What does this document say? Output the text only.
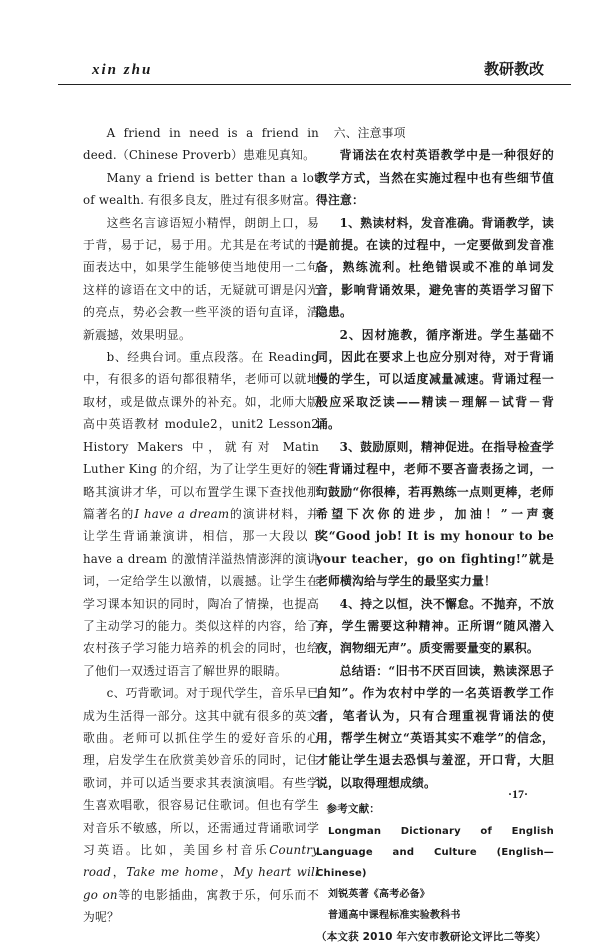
xin zhu	教研教改

A friend in need is a friend in deed.（Chinese Proverb）患难见真知。

Many a friend is better than a lot of wealth. 有很多良友，胜过有很多财富。

这些名言谚语短小精悍，朗朗上口，易于背，易于记，易于用。尤其是在考试的书面表达中，如果学生能够使当地使用一二句这样的谚语在文中的话，无疑就可谓是闪光的亮点，势必会教一些平淡的语句直译，清新震撼，效果明显。

b、经典台词。重点段落。在 Reading 中，有很多的语句都很精华，老师可以就地取材，或是做点课外的补充。如，北师大版高中英语教材 module2，unit2 Lesson2 History Makers 中，就有对 Matin Luther King 的介绍，为了让学生更好的领略其演讲才华，可以布置学生课下查找他那篇著名的I have a dream的演讲材料，并让学生背诵兼演讲，相信，那一大段以 I have a dream 的激情洋溢热情澎湃的演讲词，一定给学生以激情，以震撼。让学生在学习课本知识的同时，陶冶了情操，也提高了主动学习的能力。类似这样的内容，给了农村孩子学习能力培养的机会的同时，也给了他们一双透过语言了解世界的眼睛。

c、巧背歌词。对于现代学生，音乐早已成为生活得一部分。这其中就有很多的英文歌曲。老师可以抓住学生的爱好音乐的心理，启发学生在欣赏美妙音乐的同时，记住歌词，并可以适当要求其表演演唱。有些学生喜欢唱歌，很容易记住歌词。但也有学生对音乐不敏感，所以，还需通过背诵歌词学习英语。比如，美国乡村音乐Country road，Take me home，My heart will go on等的电影插曲，寓教于乐，何乐而不为呢？

六、注意事项

背诵法在农村英语教学中是一种很好的教学方式，当然在实施过程中也有些细节值得注意：

1、熟读材料，发音准确。背诵教学，读是前提。在读的过程中，一定要做到发音准备，熟练流利。杜绝错误或不准的单词发音，影响背诵效果，避免害的英语学习留下隐患。

2、因材施教，循序渐进。学生基础不同，因此在要求上也应分别对待，对于背诵慢的学生，可以适度减量减速。背诵过程一般应采取泛读——精读－理解－试背－背诵。

3、鼓励原则，精神促进。在指导检查学生背诵过程中，老师不要吝啬表扬之词，一句鼓励“你很棒，若再熟练一点则更棒，老师希望下次你的进步，加油！”一声褒奖“Good job! It is my honour to be your teacher，go on fighting!”就是老师横沟给与学生的最坚实力量！

4、持之以恒，決不懈怠。不抛弃，不放弃，学生需要这种精神。正所谓“随风潜入夜，润物细无声”。质变需要量变的累积。

总结语：“旧书不厌百回读，熟读深思子自知”。作为农村中学的一名英语教学工作者，笔者认为，只有合理重视背诵法的使用，帮学生树立“英语其实不难学”的信念，才能让学生退去恐惧与羞涩，开口背，大胆说，以取得理想成绩。

参考文献：

Longman Dictionary of English Language and Culture (English—Chinese)

刘锐英著《高考必备》

普通高中课程标准实验教科书

（本文获 2010 年六安市教研论文评比二等奖）

·17·
